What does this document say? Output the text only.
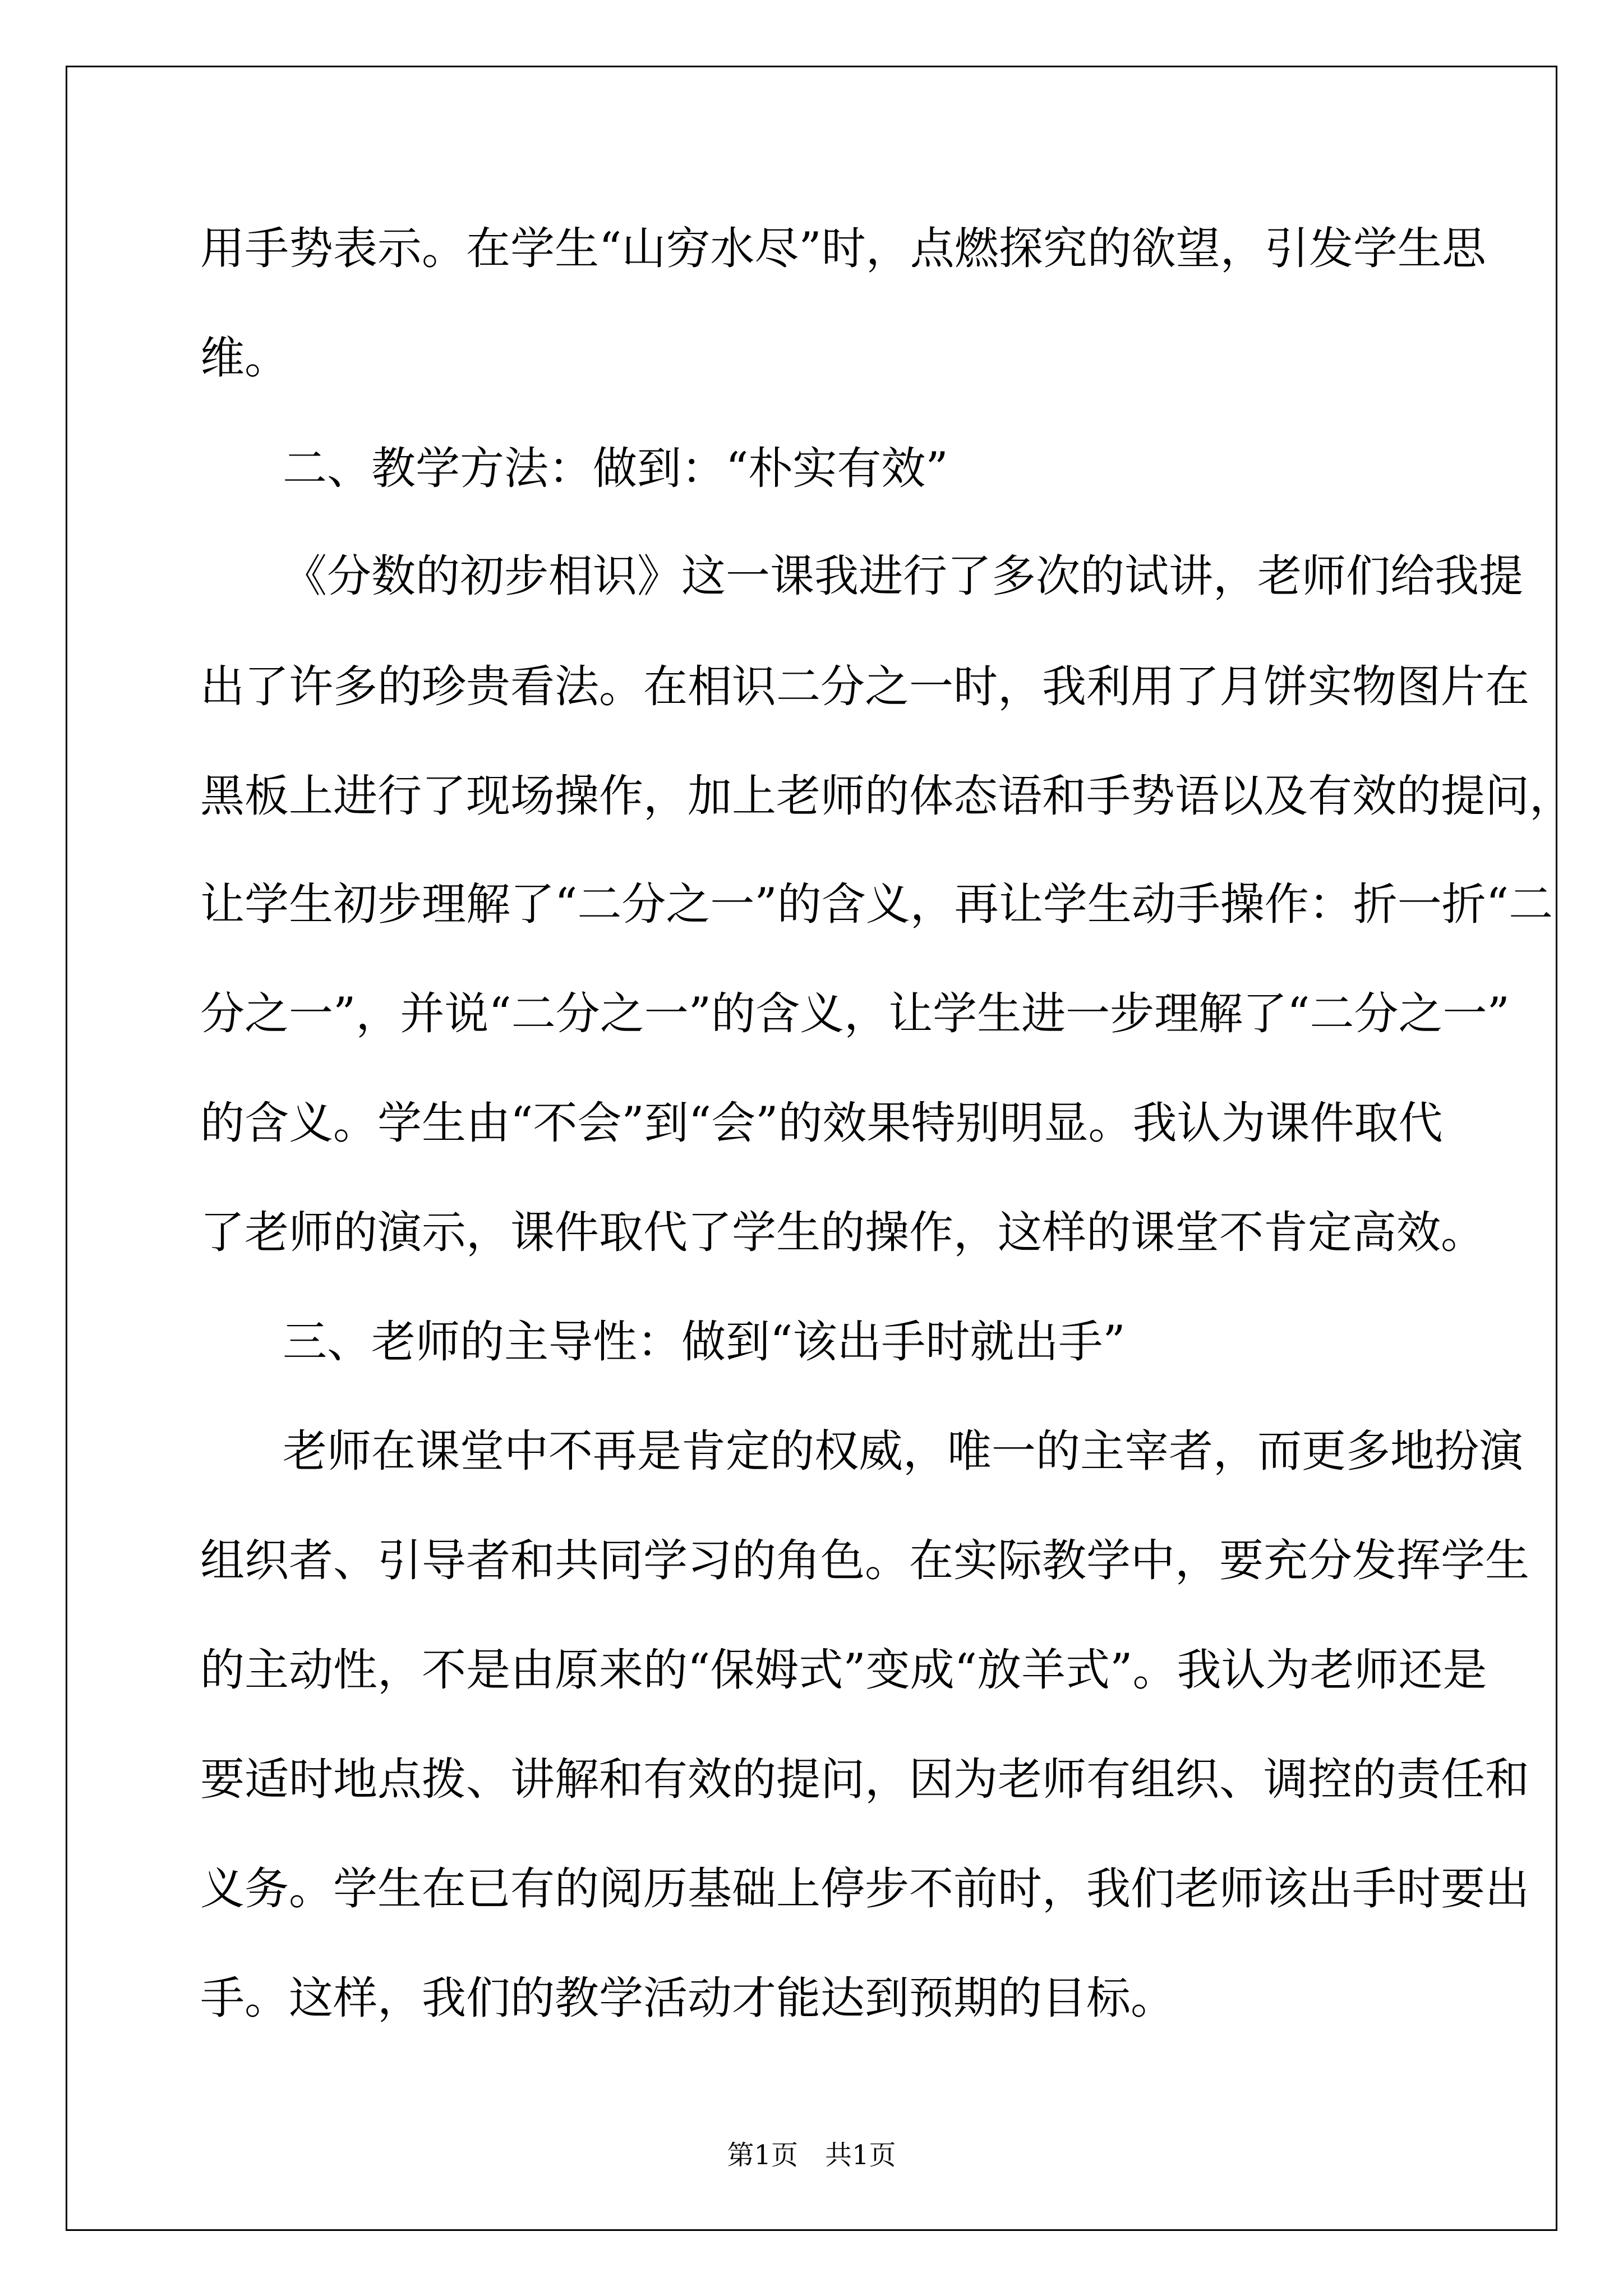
用手势表示。在学生“山穷水尽”时，点燃探究的欲望，引发学生思
维。
二、教学方法：做到：“朴实有效”
《分数的初步相识》这一课我进行了多次的试讲，老师们给我提
出了许多的珍贵看法。在相识二分之一时，我利用了月饼实物图片在
黑板上进行了现场操作，加上老师的体态语和手势语以及有效的提问，
让学生初步理解了“二分之一”的含义，再让学生动手操作：折一折“二
分之一”，并说“二分之一”的含义，让学生进一步理解了“二分之一”
的含义。学生由“不会”到“会”的效果特别明显。我认为课件取代
了老师的演示，课件取代了学生的操作，这样的课堂不肯定高效。
三、老师的主导性：做到“该出手时就出手”
老师在课堂中不再是肯定的权威，唯一的主宰者，而更多地扮演
组织者、引导者和共同学习的角色。在实际教学中，要充分发挥学生
的主动性，不是由原来的“保姆式”变成“放羊式”。我认为老师还是
要适时地点拨、讲解和有效的提问，因为老师有组织、调控的责任和
义务。学生在已有的阅历基础上停步不前时，我们老师该出手时要出
手。这样，我们的教学活动才能达到预期的目标。
第1页 共1页
